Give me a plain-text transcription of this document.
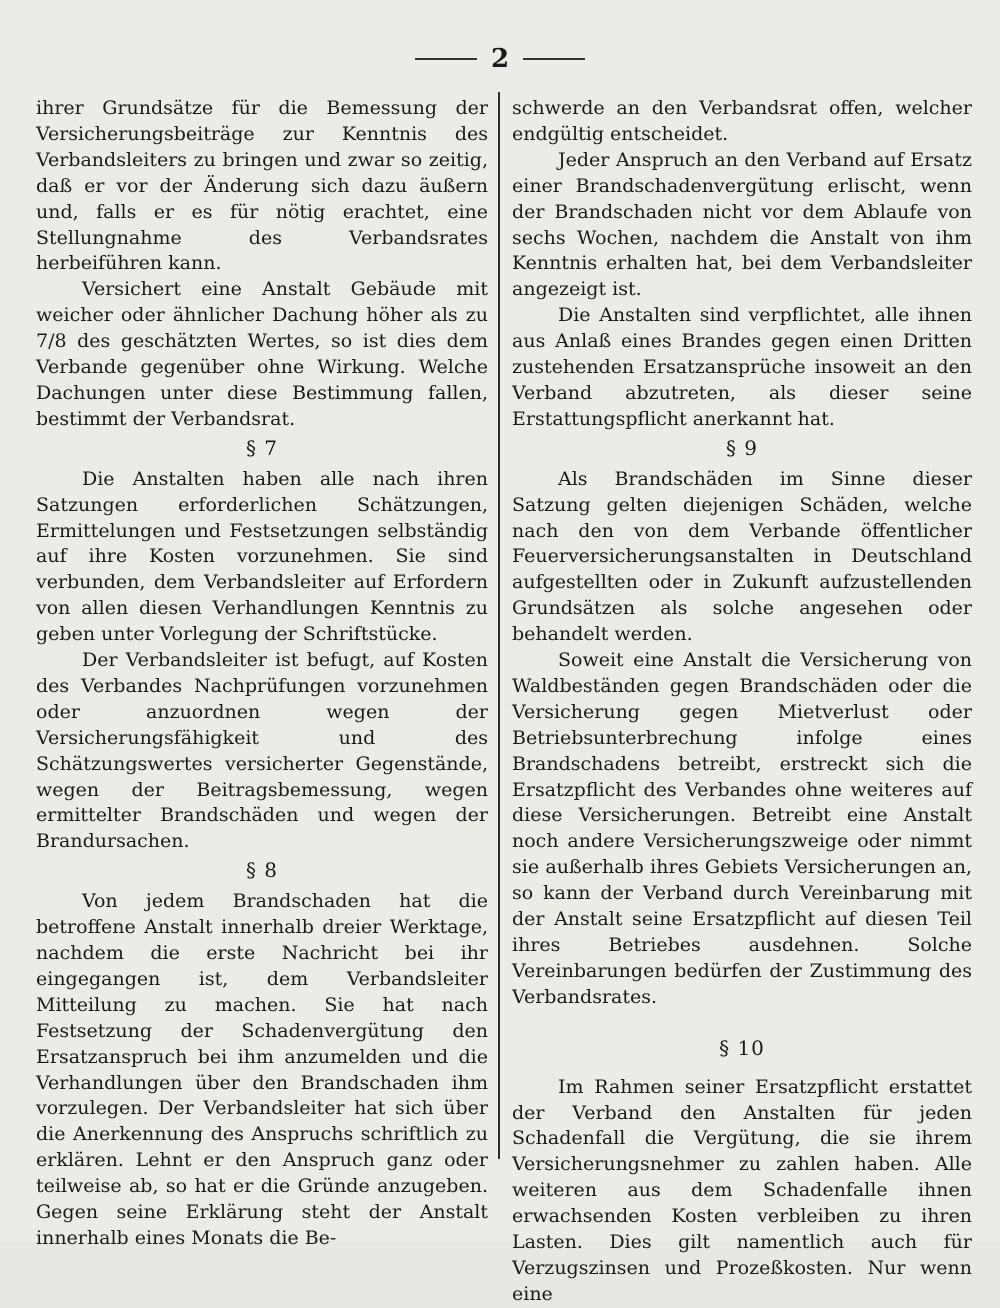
2

ihrer Grundsätze für die Bemessung der Versicherungsbeiträge zur Kenntnis des Verbandsleiters zu bringen und zwar so zeitig, daß er vor der Änderung sich dazu äußern und, falls er es für nötig erachtet, eine Stellungnahme des Verbandsrates herbeiführen kann.

Versichert eine Anstalt Gebäude mit weicher oder ähnlicher Dachung höher als zu 7/8 des geschätzten Wertes, so ist dies dem Verbande gegenüber ohne Wirkung. Welche Dachungen unter diese Bestimmung fallen, bestimmt der Verbandsrat.

§ 7

Die Anstalten haben alle nach ihren Satzungen erforderlichen Schätzungen, Ermittelungen und Festsetzungen selbständig auf ihre Kosten vorzunehmen. Sie sind verbunden, dem Verbandsleiter auf Erfordern von allen diesen Verhandlungen Kenntnis zu geben unter Vorlegung der Schriftstücke.

Der Verbandsleiter ist befugt, auf Kosten des Verbandes Nachprüfungen vorzunehmen oder anzuordnen wegen der Versicherungsfähigkeit und des Schätzungswertes versicherter Gegenstände, wegen der Beitragsbemessung, wegen ermittelter Brandschäden und wegen der Brandursachen.

§ 8

Von jedem Brandschaden hat die betroffene Anstalt innerhalb dreier Werktage, nachdem die erste Nachricht bei ihr eingegangen ist, dem Verbandsleiter Mitteilung zu machen. Sie hat nach Festsetzung der Schadenvergütung den Ersatzanspruch bei ihm anzumelden und die Verhandlungen über den Brandschaden ihm vorzulegen. Der Verbandsleiter hat sich über die Anerkennung des Anspruchs schriftlich zu erklären. Lehnt er den Anspruch ganz oder teilweise ab, so hat er die Gründe anzugeben. Gegen seine Erklärung steht der Anstalt innerhalb eines Monats die Be-

schwerde an den Verbandsrat offen, welcher endgültig entscheidet.

Jeder Anspruch an den Verband auf Ersatz einer Brandschadenvergütung erlischt, wenn der Brandschaden nicht vor dem Ablaufe von sechs Wochen, nachdem die Anstalt von ihm Kenntnis erhalten hat, bei dem Verbandsleiter angezeigt ist.

Die Anstalten sind verpflichtet, alle ihnen aus Anlaß eines Brandes gegen einen Dritten zustehenden Ersatzansprüche insoweit an den Verband abzutreten, als dieser seine Erstattungspflicht anerkannt hat.

§ 9

Als Brandschäden im Sinne dieser Satzung gelten diejenigen Schäden, welche nach den von dem Verbande öffentlicher Feuerversicherungsanstalten in Deutschland aufgestellten oder in Zukunft aufzustellenden Grundsätzen als solche angesehen oder behandelt werden.

Soweit eine Anstalt die Versicherung von Waldbeständen gegen Brandschäden oder die Versicherung gegen Mietverlust oder Betriebsunterbrechung infolge eines Brandschadens betreibt, erstreckt sich die Ersatzpflicht des Verbandes ohne weiteres auf diese Versicherungen. Betreibt eine Anstalt noch andere Versicherungszweige oder nimmt sie außerhalb ihres Gebiets Versicherungen an, so kann der Verband durch Vereinbarung mit der Anstalt seine Ersatzpflicht auf diesen Teil ihres Betriebes ausdehnen. Solche Vereinbarungen bedürfen der Zustimmung des Verbandsrates.

§ 10

Im Rahmen seiner Ersatzpflicht erstattet der Verband den Anstalten für jeden Schadenfall die Vergütung, die sie ihrem Versicherungsnehmer zu zahlen haben. Alle weiteren aus dem Schadenfalle ihnen erwachsenden Kosten verbleiben zu ihren Lasten. Dies gilt namentlich auch für Verzugszinsen und Prozeßkosten. Nur wenn eine
